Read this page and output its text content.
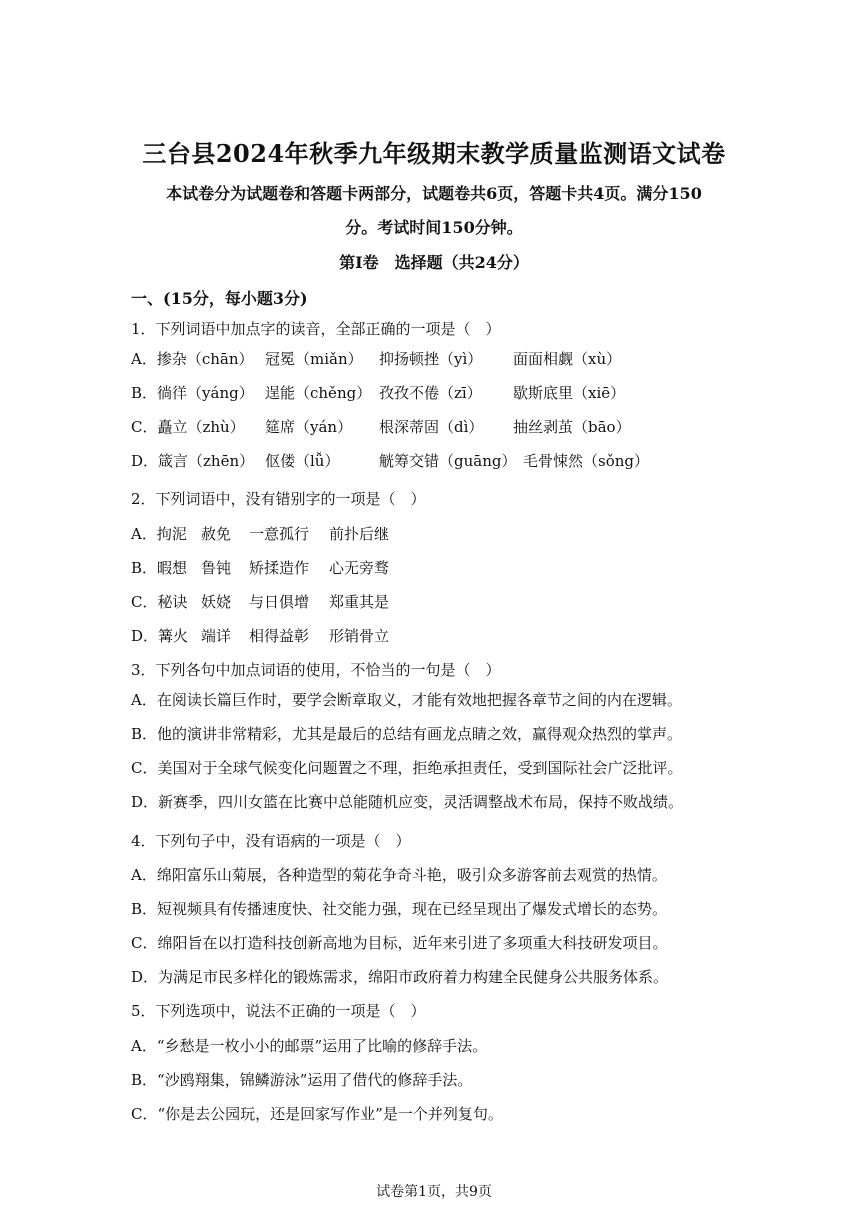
三台县2024年秋季九年级期末教学质量监测语文试卷
本试卷分为试题卷和答题卡两部分，试题卷共6页，答题卡共4页。满分150
分。考试时间150分钟。
第Ⅰ卷　选择题（共24分）
一、(15分，每小题3分)
1．下列词语中加点字的读音，全部正确的一项是（　）
A．掺杂（chān） 冠冕（miǎn） 抑扬顿挫（yì） 面面相觑（xù）
B．徜徉（yáng） 逞能（chěng） 孜孜不倦（zī） 歇斯底里（xiē）
C．矗立（zhù） 筵席（yán） 根深蒂固（dì） 抽丝剥茧（bāo）
D．箴言（zhēn） 伛偻（lǚ）	觥筹交错（guāng） 毛骨悚然（sǒng）
2．下列词语中，没有错别字的一项是（　）
A．拘泥 赦免 一意孤行 前扑后继
B．暇想 鲁钝 矫揉造作 心无旁骛
C．秘诀 妖娆 与日俱增 郑重其是
D．篝火 端详 相得益彰 形销骨立
3．下列各句中加点词语的使用，不恰当的一句是（　）
A．在阅读长篇巨作时，要学会断章取义，才能有效地把握各章节之间的内在逻辑。
B．他的演讲非常精彩，尤其是最后的总结有画龙点睛之效，赢得观众热烈的掌声。
C．美国对于全球气候变化问题置之不理，拒绝承担责任，受到国际社会广泛批评。
D．新赛季，四川女篮在比赛中总能随机应变，灵活调整战术布局，保持不败战绩。
4．下列句子中，没有语病的一项是（　）
A．绵阳富乐山菊展，各种造型的菊花争奇斗艳，吸引众多游客前去观赏的热情。
B．短视频具有传播速度快、社交能力强，现在已经呈现出了爆发式增长的态势。
C．绵阳旨在以打造科技创新高地为目标，近年来引进了多项重大科技研发项目。
D．为满足市民多样化的锻炼需求，绵阳市政府着力构建全民健身公共服务体系。
5．下列选项中，说法不正确的一项是（　）
A．“乡愁是一枚小小的邮票”运用了比喻的修辞手法。
B．“沙鸥翔集，锦鳞游泳”运用了借代的修辞手法。
C．“你是去公园玩，还是回家写作业”是一个并列复句。
试卷第1页，共9页
